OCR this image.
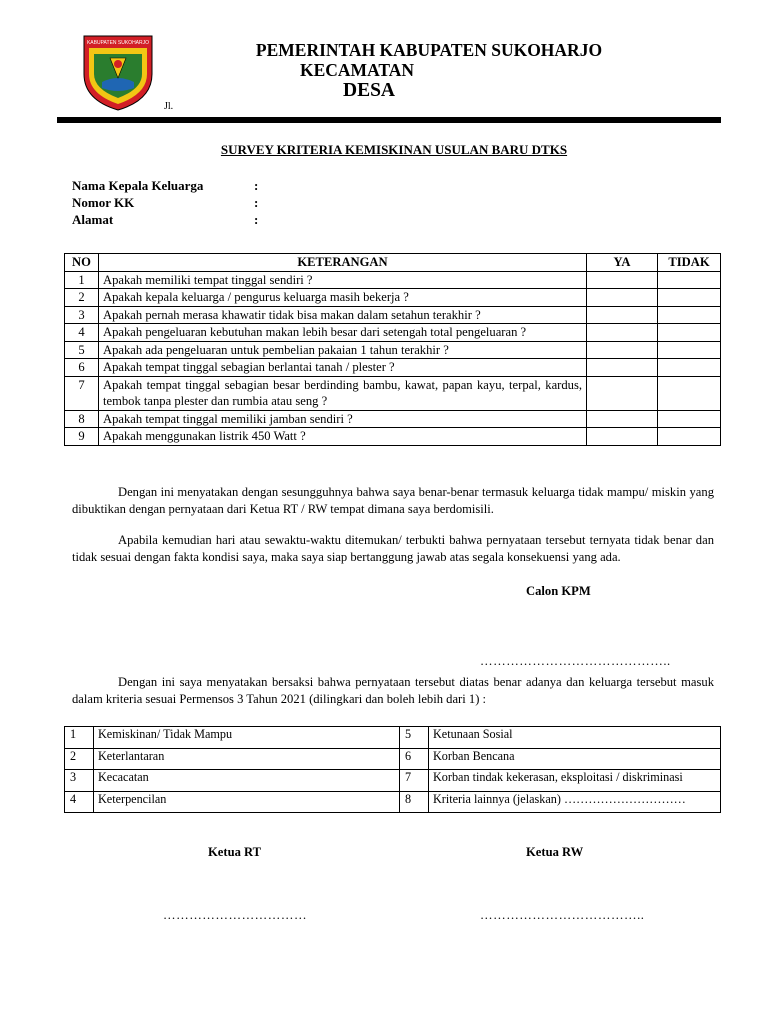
KABUPATEN SUKOHARJO	PEMERINTAH KABUPATEN SUKOHARJO
KECAMATAN
DESA
Jl.
SURVEY KRITERIA KEMISKINAN USULAN BARU DTKS
Nama Kepala Keluarga	:
Nomor KK	:
Alamat	:
NO	KETERANGAN	YA	TIDAK
1	Apakah memiliki tempat tinggal sendiri ?		
2	Apakah kepala keluarga / pengurus keluarga masih bekerja ?		
3	Apakah pernah merasa khawatir tidak bisa makan dalam setahun terakhir ?		
4	Apakah pengeluaran kebutuhan makan lebih besar dari setengah total pengeluaran ?		
5	Apakah ada pengeluaran untuk pembelian pakaian 1 tahun terakhir ?		
6	Apakah tempat tinggal sebagian berlantai tanah / plester ?		
7	Apakah tempat tinggal sebagian besar berdinding bambu, kawat, papan kayu, terpal, kardus, tembok tanpa plester dan rumbia atau seng ?		
8	Apakah tempat tinggal memiliki jamban sendiri ?		
9	Apakah menggunakan listrik 450 Watt ?		
Dengan ini menyatakan dengan sesungguhnya bahwa saya benar-benar termasuk keluarga tidak mampu/ miskin yang dibuktikan dengan pernyataan dari Ketua RT / RW tempat dimana saya berdomisili.
Apabila kemudian hari atau sewaktu-waktu ditemukan/ terbukti bahwa pernyataan tersebut ternyata tidak benar dan tidak sesuai dengan fakta kondisi saya, maka saya siap bertanggung jawab atas segala konsekuensi yang ada.
Calon KPM
……………………………………..
Dengan ini saya menyatakan bersaksi bahwa pernyataan tersebut diatas benar adanya dan keluarga tersebut masuk dalam kriteria sesuai Permensos 3 Tahun 2021 (dilingkari dan boleh lebih dari 1) :
1	Kemiskinan/ Tidak Mampu	5	Ketunaan Sosial
2	Keterlantaran	6	Korban Bencana
3	Kecacatan	7	Korban tindak kekerasan, eksploitasi / diskriminasi
4	Keterpencilan	8	Kriteria lainnya (jelaskan) …………………………
Ketua RT	Ketua RW
……………………………	………………………………..
